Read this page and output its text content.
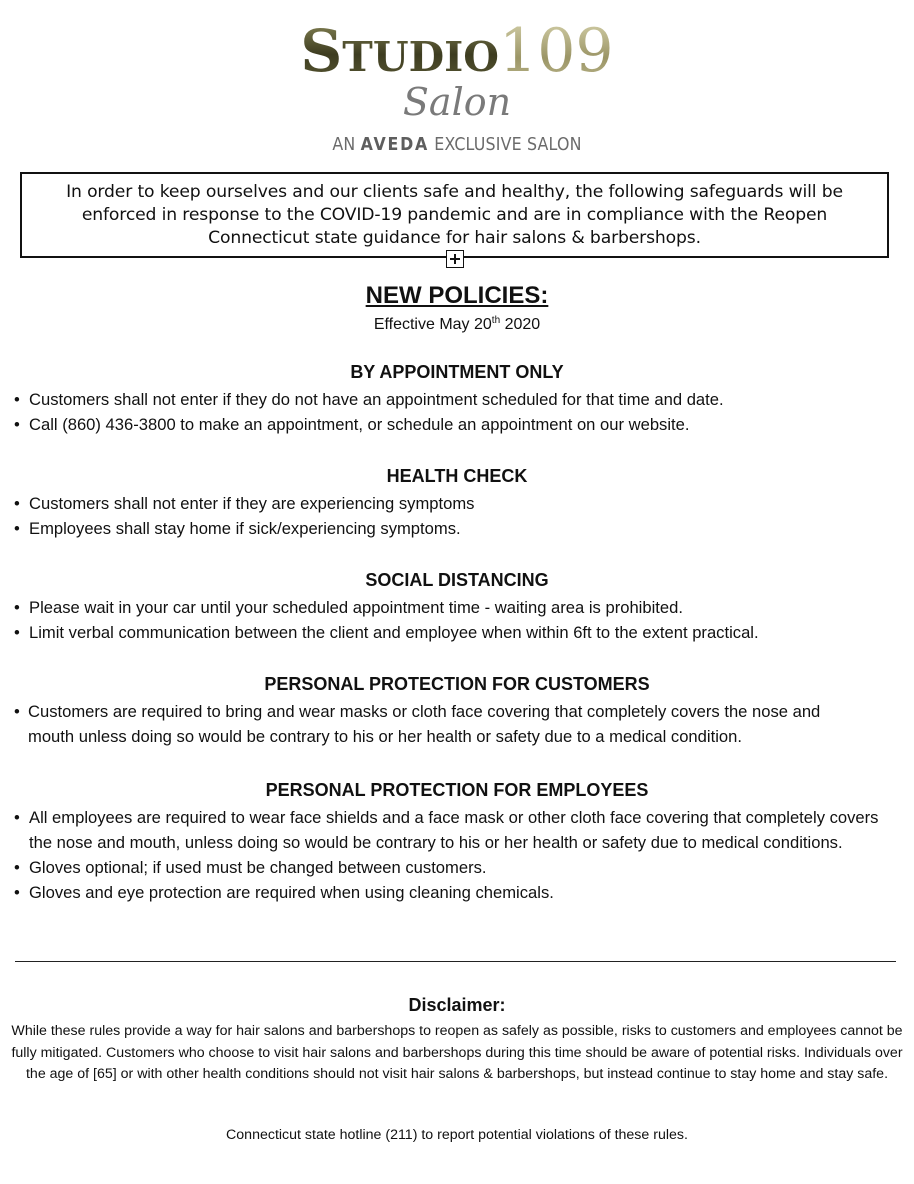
Studio109
Salon
AN AVEDA EXCLUSIVE SALON
In order to keep ourselves and our clients safe and healthy, the following safeguards will be enforced in response to the COVID-19 pandemic and are in compliance with the Reopen Connecticut state guidance for hair salons & barbershops.
NEW POLICIES:
Effective May 20th 2020
BY APPOINTMENT ONLY
• Customers shall not enter if they do not have an appointment scheduled for that time and date.
• Call (860) 436-3800 to make an appointment, or schedule an appointment on our website.
HEALTH CHECK
• Customers shall not enter if they are experiencing symptoms
• Employees shall stay home if sick/experiencing symptoms.
SOCIAL DISTANCING
• Please wait in your car until your scheduled appointment time - waiting area is prohibited.
• Limit verbal communication between the client and employee when within 6ft to the extent practical.
PERSONAL PROTECTION FOR CUSTOMERS
• Customers are required to bring and wear masks or cloth face covering that completely covers the nose and mouth unless doing so would be contrary to his or her health or safety due to a medical condition.
PERSONAL PROTECTION FOR EMPLOYEES
• All employees are required to wear face shields and a face mask or other cloth face covering that completely covers the nose and mouth, unless doing so would be contrary to his or her health or safety due to medical conditions.
• Gloves optional; if used must be changed between customers.
• Gloves and eye protection are required when using cleaning chemicals.
Disclaimer:
While these rules provide a way for hair salons and barbershops to reopen as safely as possible, risks to customers and employees cannot be fully mitigated. Customers who choose to visit hair salons and barbershops during this time should be aware of potential risks. Individuals over the age of [65] or with other health conditions should not visit hair salons & barbershops, but instead continue to stay home and stay safe.
Connecticut state hotline (211) to report potential violations of these rules.
